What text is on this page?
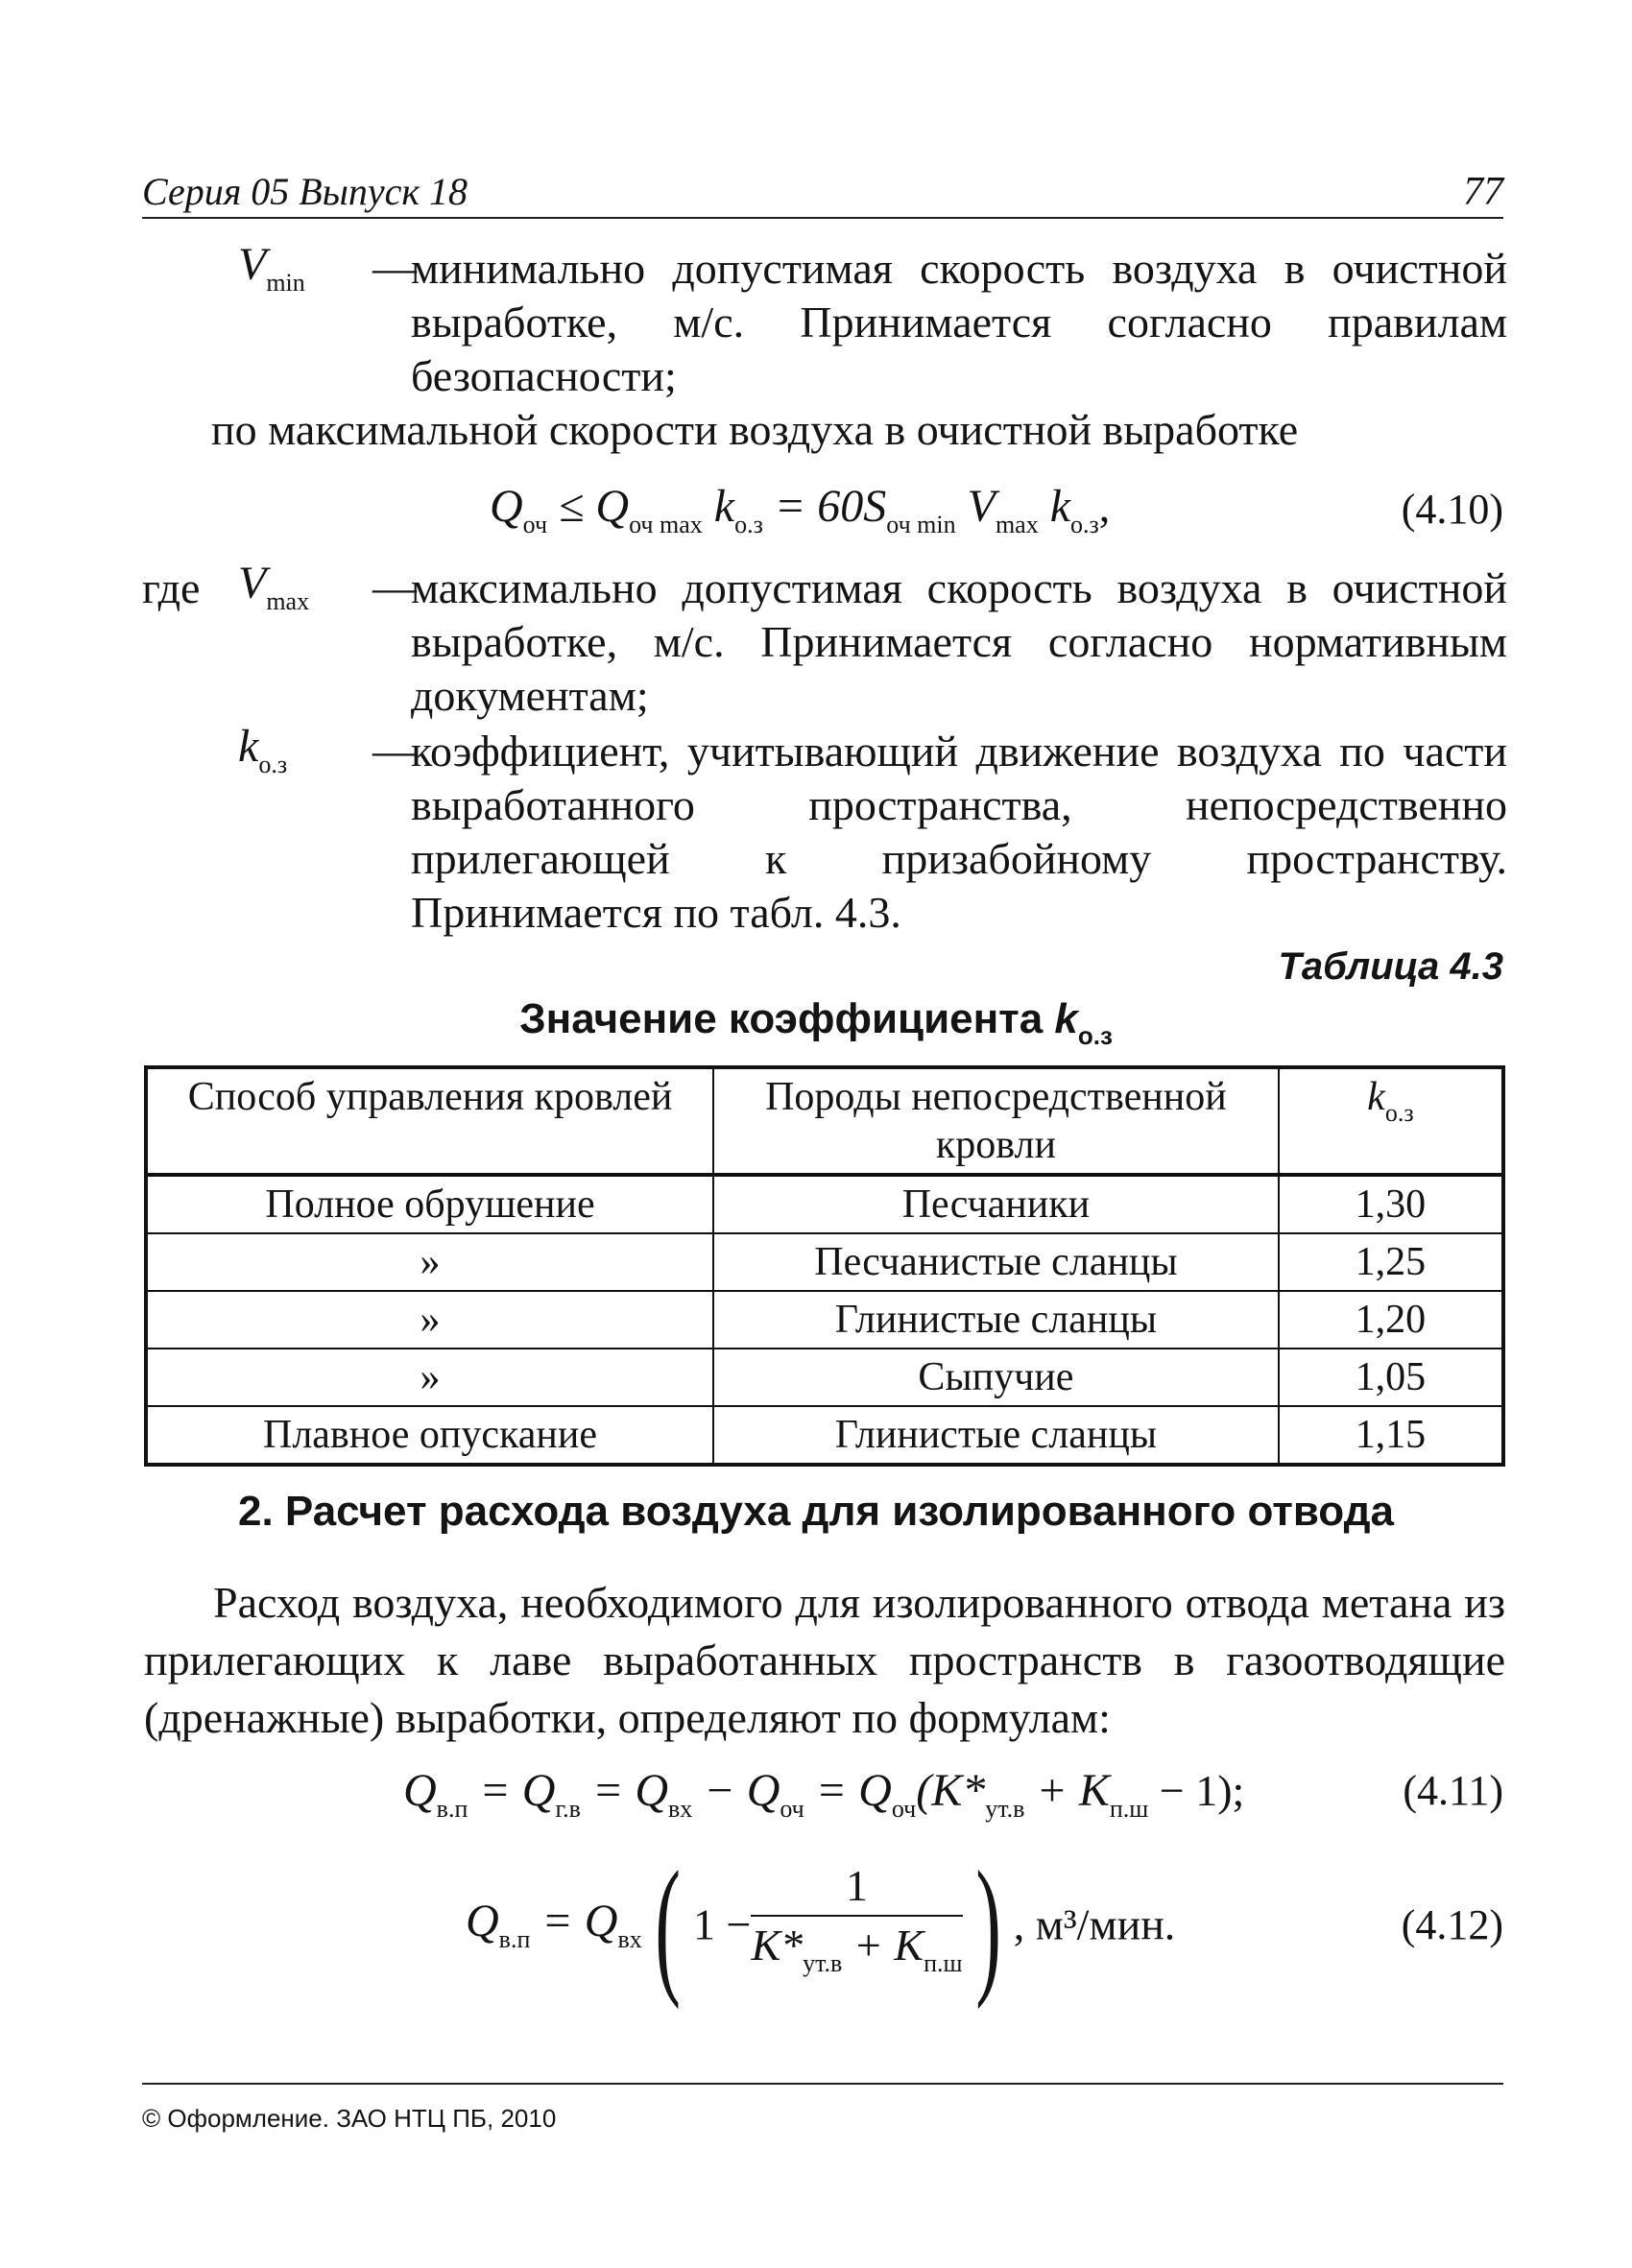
Серия 05 Выпуск 18	77
$V_{min}$ —
минимально допустимая скорость воздуха в очистной выработке, м/с. Принимается согласно правилам безопасности;
по максимальной скорости воздуха в очистной выработке
$Q_{оч} \le Q_{оч max}$ $k_{о.з} = 60S_{оч min}$ $V_{max}$ $k_{о.з}$,	(4.10)
где $V_{max}$ —
максимально допустимая скорость воздуха в очистной выработке, м/с. Принимается согласно нормативным документам;
$k_{о.з}$ —
коэффициент, учитывающий движение воздуха по части выработанного пространства, непосредственно прилегающей к призабойному пространству. Принимается по табл. 4.3.
Таблица 4.3
Значение коэффициента $k_{о.з}$
Способ управления кровлей	Породы непосредственной кровли	$k_{о.з}$
Полное обрушение	Песчаники	1,30
»	Песчанистые сланцы	1,25
»	Глинистые сланцы	1,20
»	Сыпучие	1,05
Плавное опускание	Глинистые сланцы	1,15
2. Расчет расхода воздуха для изолированного отвода
Расход воздуха, необходимого для изолированного отвода метана из прилегающих к лаве выработанных пространств в газоотводящие (дренажные) выработки, определяют по формулам:
$Q_{в.п} = Q_{г.в} = Q_{вх} - Q_{оч} = Q_{оч}(K*_{ут.в} + K_{п.ш} - 1)$;	(4.11)
$Q_{в.п} = Q_{вх}$( $1 - \frac{1}{K*_{ут.в} + K_{п.ш}}$ ) , м³/мин.	(4.12)
© Оформление. ЗАО НТЦ ПБ, 2010
